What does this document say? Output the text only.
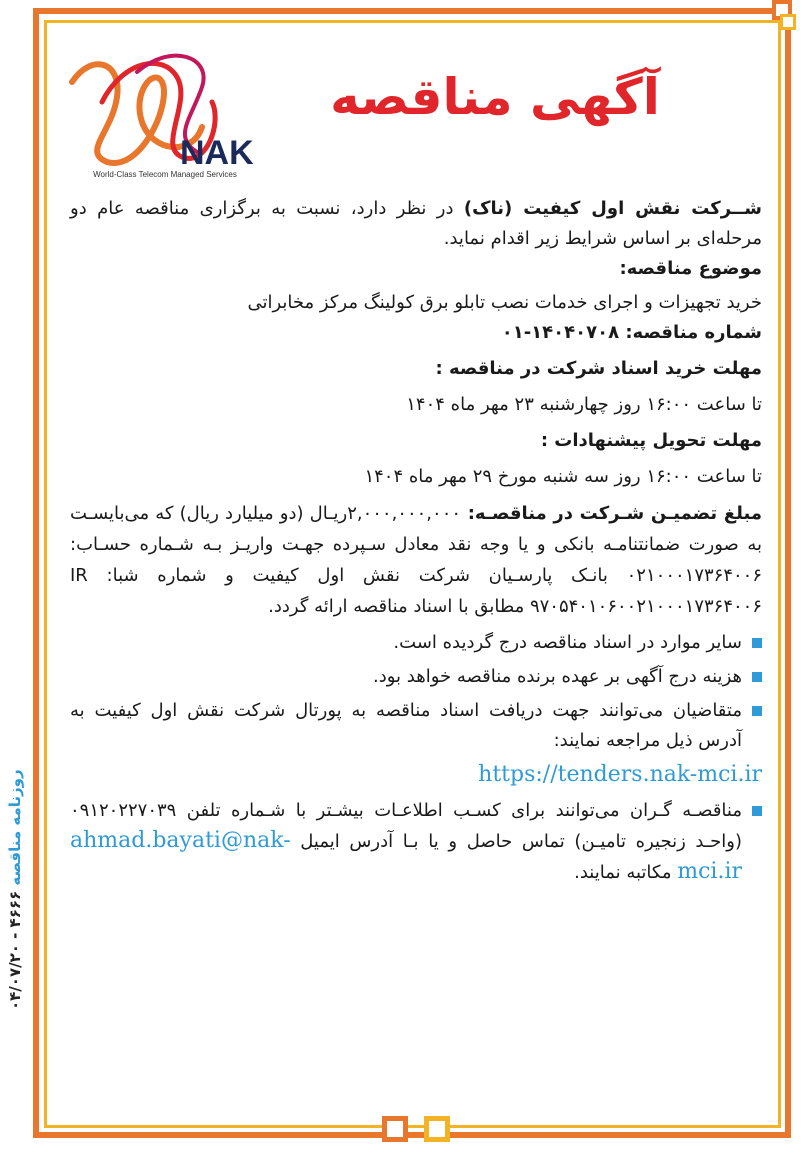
NAK
World-Class Telecom Managed Services
آگهی مناقصه

شــرکت نقش اول کیفیت (ناک) در نظر دارد، نسبت به برگزاری مناقصه عام دو مرحله‌ای بر اساس شرایط زیر اقدام نماید.

موضوع مناقصه:

خرید تجهیزات و اجرای خدمات نصب تابلو برق کولینگ مرکز مخابراتی

شماره مناقصه: ۱۴۰۴۰۷۰۸-۰۱

مهلت خرید اسناد شرکت در مناقصه :

تا ساعت ۱۶:۰۰ روز چهارشنبه ۲۳ مهر ماه ۱۴۰۴

مهلت تحویل پیشنهادات :

تا ساعت ۱۶:۰۰ روز سه شنبه مورخ ۲۹ مهر ماه ۱۴۰۴

مبلغ تضمیـن شـرکت در مناقصـه: ۲,۰۰۰,۰۰۰,۰۰۰ریـال (دو میلیارد ریال) که می‌بایسـت به صورت ضمانتنامـه بانکی و یا وجه نقد معادل سـپرده جهـت واریـز بـه شـماره حسـاب: ۰۲۱۰۰۰۱۷۳۶۴۰۰۶ بانـک پارسـیان شرکت نقش اول کیفیت و شماره شبا: IR ۹۷۰۵۴۰۱۰۶۰۰۲۱۰۰۰۱۷۳۶۴۰۰۶ مطابق با اسناد مناقصه ارائه گردد.

سایر موارد در اسناد مناقصه درج گردیده است.

هزینه درج آگهی بر عهده برنده مناقصه خواهد بود.

متقاضیان می‌توانند جهت دریافت اسناد مناقصه به پورتال شرکت نقش اول کیفیت به آدرس ذیل مراجعه نمایند:

https://tenders.nak-mci.ir

مناقصـه گـران می‌توانند برای کسـب اطلاعـات بیشـتر با شـماره تلفن ۰۹۱۲۰۲۲۷۰۳۹ (واحـد زنجیره تامیـن) تماس حاصل و یا بـا آدرس ایمیل ahmad.bayati@nak-mci.ir مکاتبه نمایند.

روزنامه مناقصه ۴۶۶۶ - ۰۴/۰۷/۲۰
